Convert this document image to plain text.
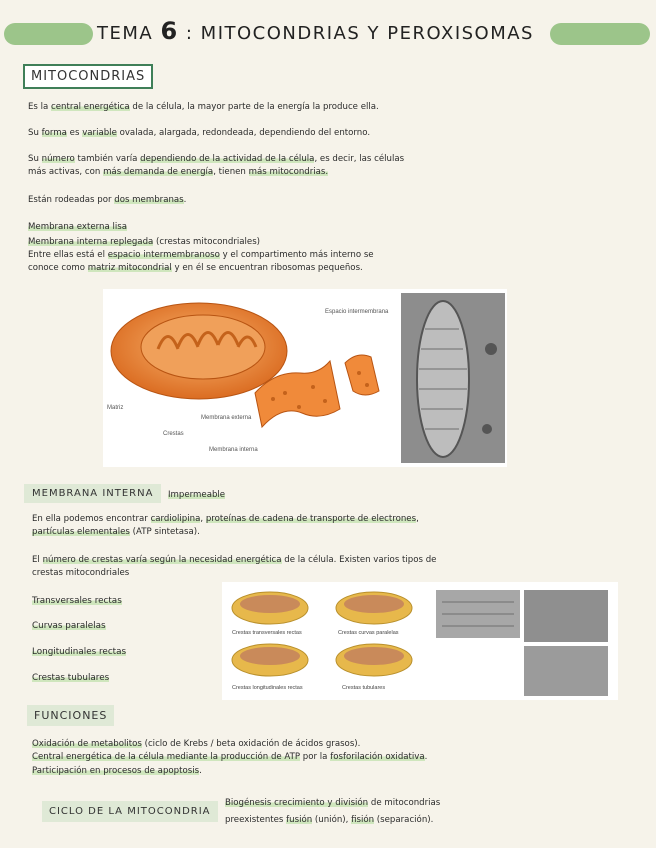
TEMA 6 : MITOCONDRIAS Y PEROXISOMAS
MITOCONDRIAS
Es la central energética de la célula, la mayor parte de la energía la produce ella.
Su forma es variable ovalada, alargada, redondeada, dependiendo del entorno.
Su número también varía dependiendo de la actividad de la célula, es decir, las células
más activas, con más demanda de energía, tienen más mitocondrias.
Están rodeadas por dos membranas.
Membrana externa lisa
Membrana interna replegada (crestas mitocondriales)
Entre ellas está el espacio intermembranoso y el compartimento más interno se
conoce como matriz mitocondrial y en él se encuentran ribosomas pequeños.
Espacio intermembrana
Matriz
Crestas
Membrana externa
Membrana interna
MEMBRANA INTERNA	Impermeable
En ella podemos encontrar cardiolipina, proteínas de cadena de transporte de electrones,
partículas elementales (ATP sintetasa).
El número de crestas varía según la necesidad energética de la célula. Existen varios tipos de
crestas mitocondriales
Transversales rectas
Curvas paralelas
Longitudinales rectas
Crestas tubulares
Crestas transversales rectas	Crestas curvas paralelas
Crestas longitudinales rectas	Crestas tubulares
FUNCIONES
Oxidación de metabolitos (ciclo de Krebs / beta oxidación de ácidos grasos).
Central energética de la célula mediante la producción de ATP por la fosforilación oxidativa.
Participación en procesos de apoptosis.
CICLO DE LA MITOCONDRIA
Biogénesis crecimiento y división de mitocondrias
preexistentes fusión (unión), fisión (separación).
